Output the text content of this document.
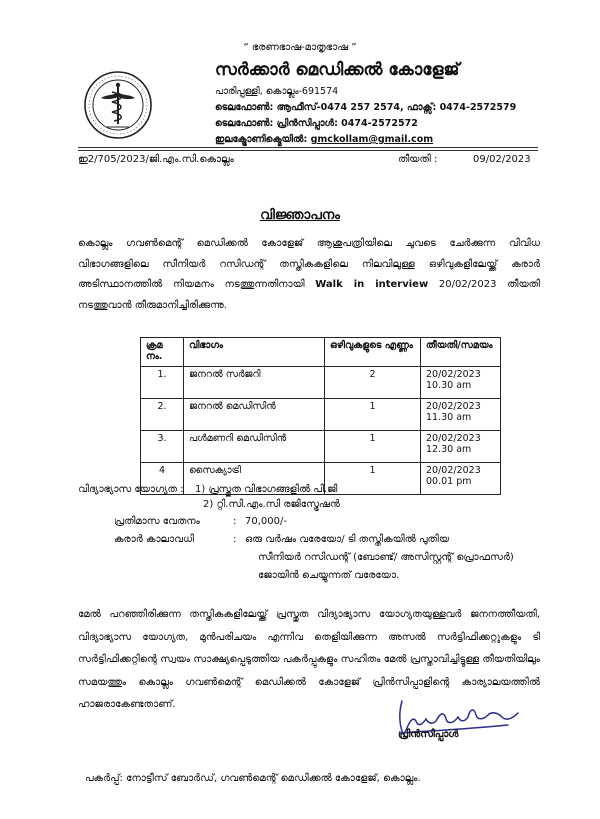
“ ഭരണഭാഷ-മാതൃഭാഷ ”
സർക്കാർ മെഡിക്കൽ കോളേജ്
പാരിപ്പള്ളി, കൊല്ലം-691574
ടെലഫോൺ: ആഫീസ്-0474 257 2574, ഫാക്സ്: 0474-2572579
ടെലഫോൺ: പ്രിൻസിപ്പാൾ: 0474-2572572
ഇലക്ട്രോണിക്മെയിൽ: gmckollam@gmail.com
ഇ2/705/2023/ജി.എം.സി.കൊല്ലം	തീയതി :	09/02/2023
വിജ്ഞാപനം
കൊല്ലം ഗവൺമെന്റ് മെഡിക്കൽ കോളേജ് ആശുപത്രിയിലെ ചുവടെ ചേർക്കുന്ന വിവിധ വിഭാഗങ്ങളിലെ സീനിയർ റസിഡന്റ് തസ്തികകളിലെ നിലവിലുള്ള ഒഴിവുകളിലേയ്ക്ക് കരാർ അടിസ്ഥാനത്തിൽ നിയമനം നടത്തുന്നതിനായി Walk in interview 20/02/2023 തീയതി നടത്തുവാൻ തീരുമാനിച്ചിരിക്കുന്നു.
ക്രമ നം.	വിഭാഗം	ഒഴിവുകളുടെ എണ്ണം	തീയതി/സമയം
1.	ജനറൽ സർജറി	2	20/02/2023
10.30 am

2.	ജനറൽ മെഡിസിൻ	1	20/02/2023
11.30 am

3.	പൾമണറി മെഡിസിൻ	1	20/02/2023
12.30 am

4	സൈക്യാട്രി	1	20/02/2023
00.01 pm
വിദ്യാഭ്യാസ യോഗ്യത : 1) പ്രസ്തുത വിഭാഗങ്ങളിൽ പി.ജി
2) റ്റി.സി.എം.സി രജിസ്ട്രേഷൻ
പ്രതിമാസ വേതനം	: 70,000/-
കരാർ കാലാവധി	: ഒരു വർഷം വരേയോ/ ടി തസ്തികയിൽ പുതിയ
സീനിയർ റസിഡന്റ് (ബോണ്ട്/ അസിസ്റ്റന്റ് പ്രൊഫസർ)
ജോയിൻ ചെയ്യുന്നത് വരേയോ.
മേൽ പറഞ്ഞിരിക്കുന്ന തസ്തികകളിലേയ്ക്ക് പ്രസ്തുത വിദ്യാഭ്യാസ യോഗ്യതയുള്ളവർ ജനനത്തീയതി, വിദ്യാഭ്യാസ യോഗ്യത, മുൻപരിചയം എന്നിവ തെളിയിക്കുന്ന അസൽ സർട്ടിഫിക്കറ്റുകളും ടി സർട്ടിഫിക്കറ്റിന്റെ സ്വയം സാക്ഷ്യപ്പെടുത്തിയ പകർപ്പുകളും സഹിതം മേൽ പ്രസ്താവിച്ചിട്ടുള്ള തീയതിയിലും സമയത്തും കൊല്ലം ഗവൺമെന്റ് മെഡിക്കൽ കോളേജ് പ്രിൻസിപ്പാളിന്റെ കാര്യാലയത്തിൽ ഹാജരാകേണ്ടതാണ്.
പ്രിൻസിപ്പാൾ
പകർപ്പ്: നോട്ടീസ് ബോർഡ്, ഗവൺമെന്റ് മെഡിക്കൽ കോളേജ്, കൊല്ലം.
